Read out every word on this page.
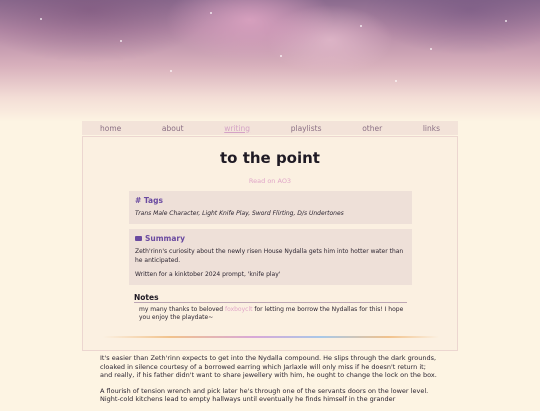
home	about	writing	playlists	other	links
to the point
Read on AO3
# Tags

Trans Male Character, Light Knife Play, Sword Flirting, D/s Undertones

Summary

Zeth'rinn's curiosity about the newly risen House Nydalla gets him into hotter water than he anticipated.

Written for a kinktober 2024 prompt, 'knife play'

Notes
my many thanks to beloved foxboyclt for letting me borrow the Nydallas for this! I hope you enjoy the playdate~

It's easier than Zeth'rinn expects to get into the Nydalla compound. He slips through the dark grounds, cloaked in silence courtesy of a borrowed earring which Jarlaxle will only miss if he doesn't return it; and really, if his father didn't want to share jewellery with him, he ought to change the lock on the box.

A flourish of tension wrench and pick later he's through one of the servants doors on the lower level. Night-cold kitchens lead to empty hallways until eventually he finds himself in the grander
